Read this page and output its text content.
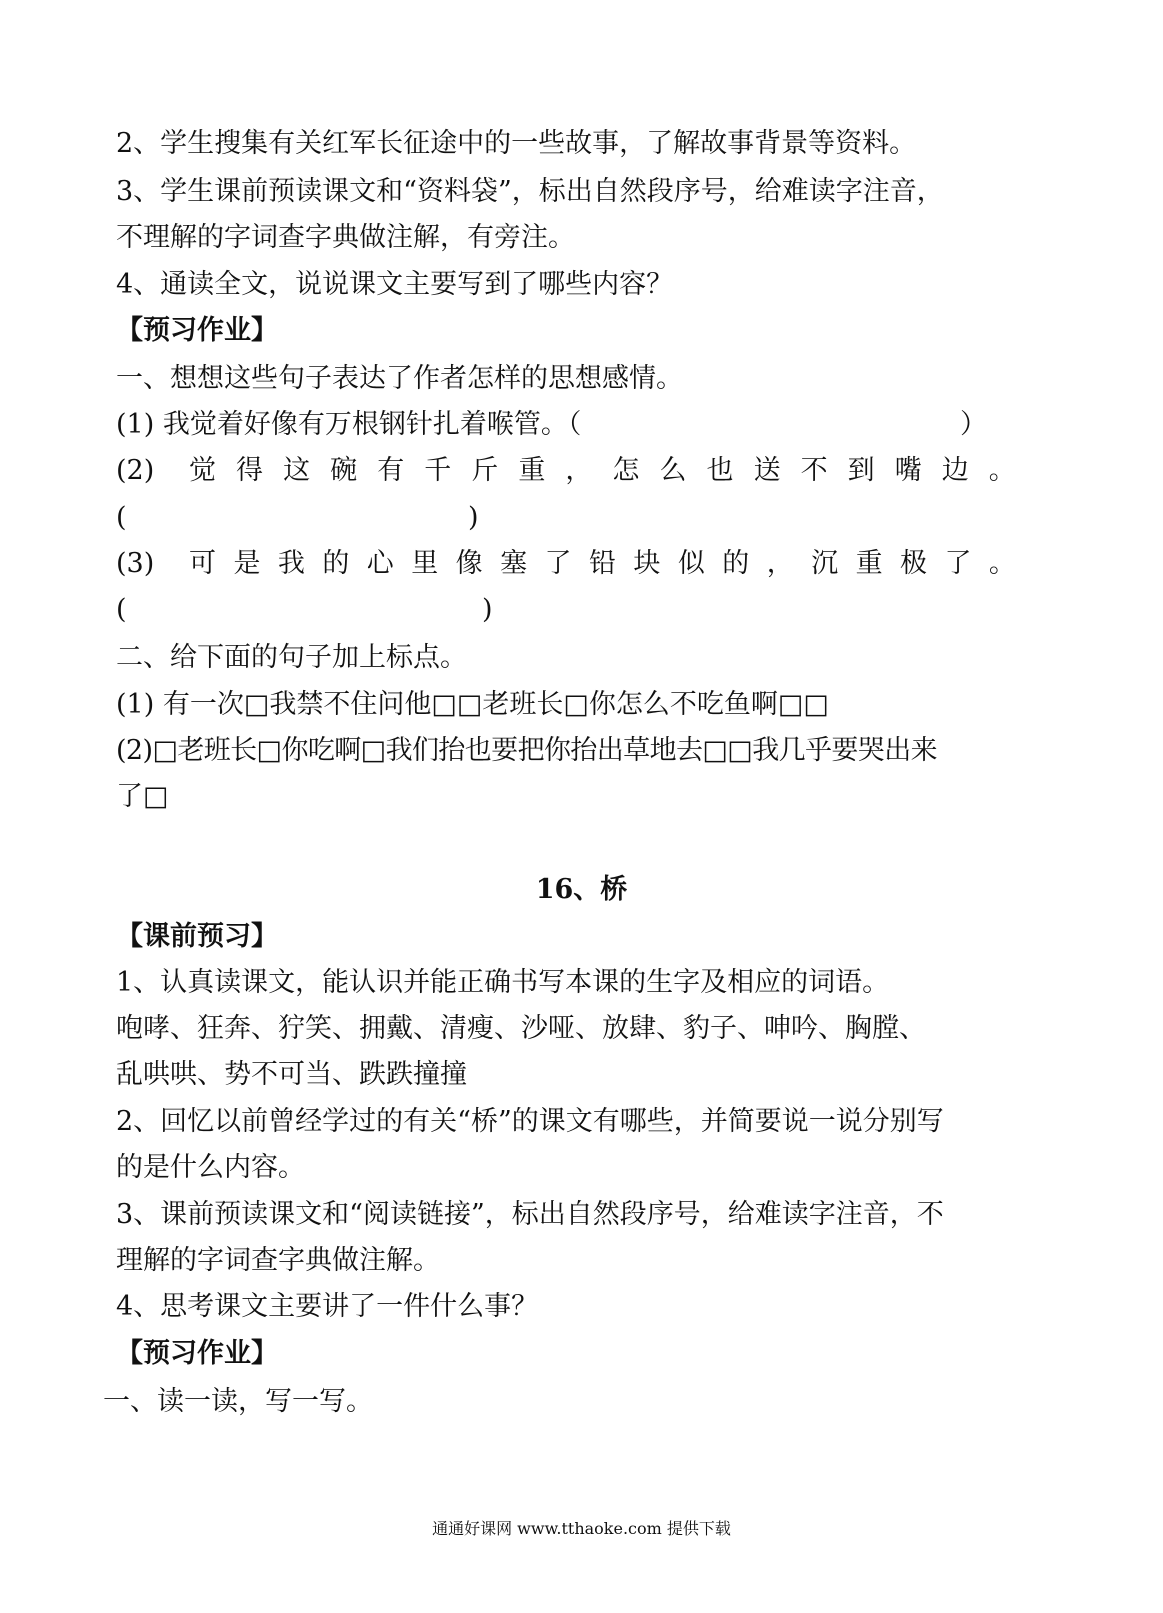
2、学生搜集有关红军长征途中的一些故事，了解故事背景等资料。
3、学生课前预读课文和“资料袋”，标出自然段序号，给难读字注音，
不理解的字词查字典做注解，有旁注。
4、通读全文，说说课文主要写到了哪些内容？
【预习作业】
一、想想这些句子表达了作者怎样的思想感情。
(1) 我觉着好像有万根钢针扎着喉管。（	）
(2) 觉 得 这 碗 有 千 斤 重 ， 怎 么 也 送 不 到 嘴 边 。
(	)
(3) 可 是 我 的 心 里 像 塞 了 铅 块 似 的 ， 沉 重 极 了 。
(	)
二、给下面的句子加上标点。
(1) 有一次□我禁不住问他□□老班长□你怎么不吃鱼啊□□
(2)□老班长□你吃啊□我们抬也要把你抬出草地去□□我几乎要哭出来
了□
16、桥
【课前预习】
1、认真读课文，能认识并能正确书写本课的生字及相应的词语。
咆哮、狂奔、狞笑、拥戴、清瘦、沙哑、放肆、豹子、呻吟、胸膛、
乱哄哄、势不可当、跌跌撞撞
2、回忆以前曾经学过的有关“桥”的课文有哪些，并简要说一说分别写
的是什么内容。
3、课前预读课文和“阅读链接”，标出自然段序号，给难读字注音，不
理解的字词查字典做注解。
4、思考课文主要讲了一件什么事？
【预习作业】
一、读一读，写一写。
通通好课网 www.tthaoke.com 提供下载
